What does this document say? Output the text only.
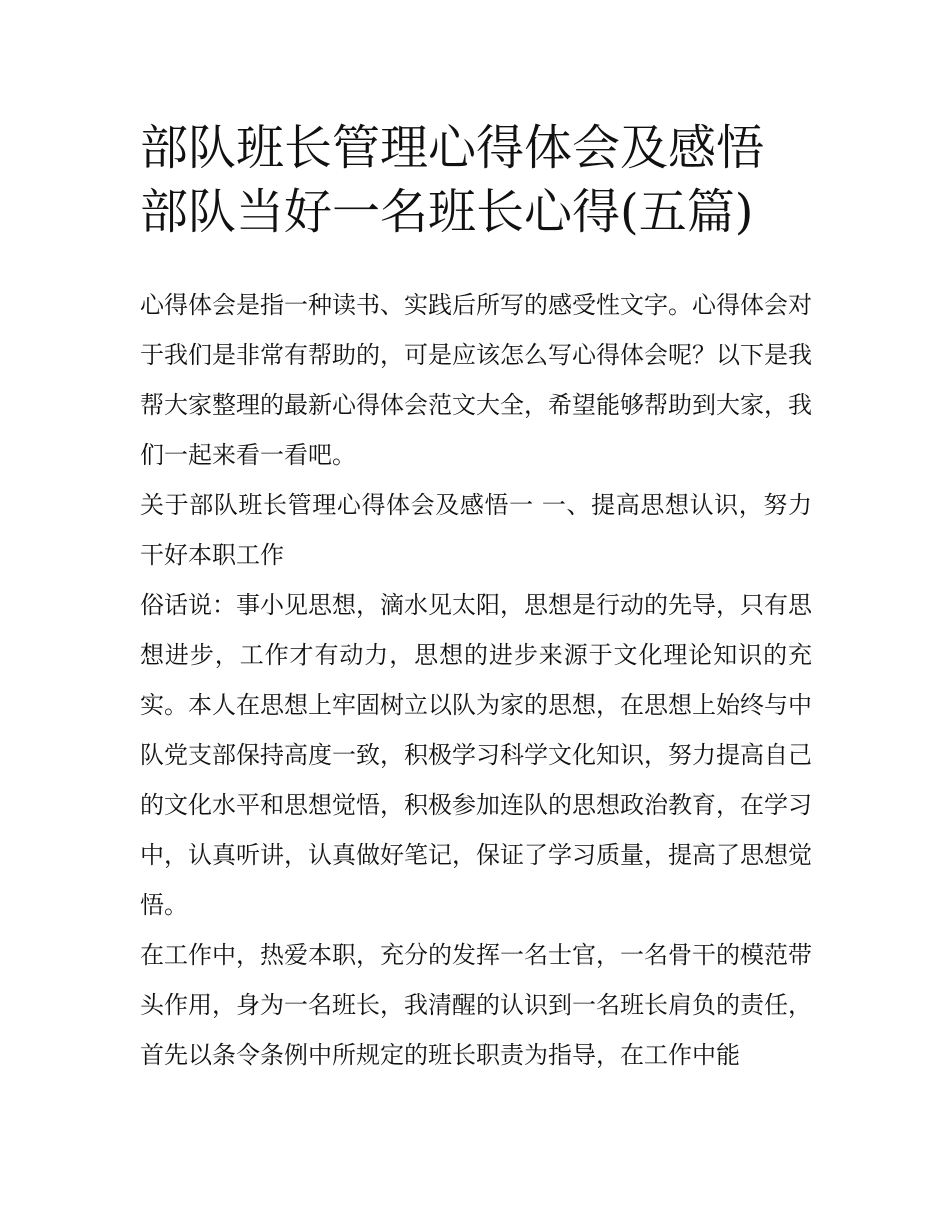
部队班长管理心得体会及感悟
部队当好一名班长心得(五篇)

心得体会是指一种读书、实践后所写的感受性文字。心得体会对于我们是非常有帮助的，可是应该怎么写心得体会呢？以下是我帮大家整理的最新心得体会范文大全，希望能够帮助到大家，我们一起来看一看吧。

关于部队班长管理心得体会及感悟一 一、提高思想认识，努力干好本职工作

俗话说：事小见思想，滴水见太阳，思想是行动的先导，只有思想进步，工作才有动力，思想的进步来源于文化理论知识的充实。本人在思想上牢固树立以队为家的思想，在思想上始终与中队党支部保持高度一致，积极学习科学文化知识，努力提高自己的文化水平和思想觉悟，积极参加连队的思想政治教育，在学习中，认真听讲，认真做好笔记，保证了学习质量，提高了思想觉悟。

在工作中，热爱本职，充分的发挥一名士官，一名骨干的模范带头作用，身为一名班长，我清醒的认识到一名班长肩负的责任，首先以条令条例中所规定的班长职责为指导，在工作中能
